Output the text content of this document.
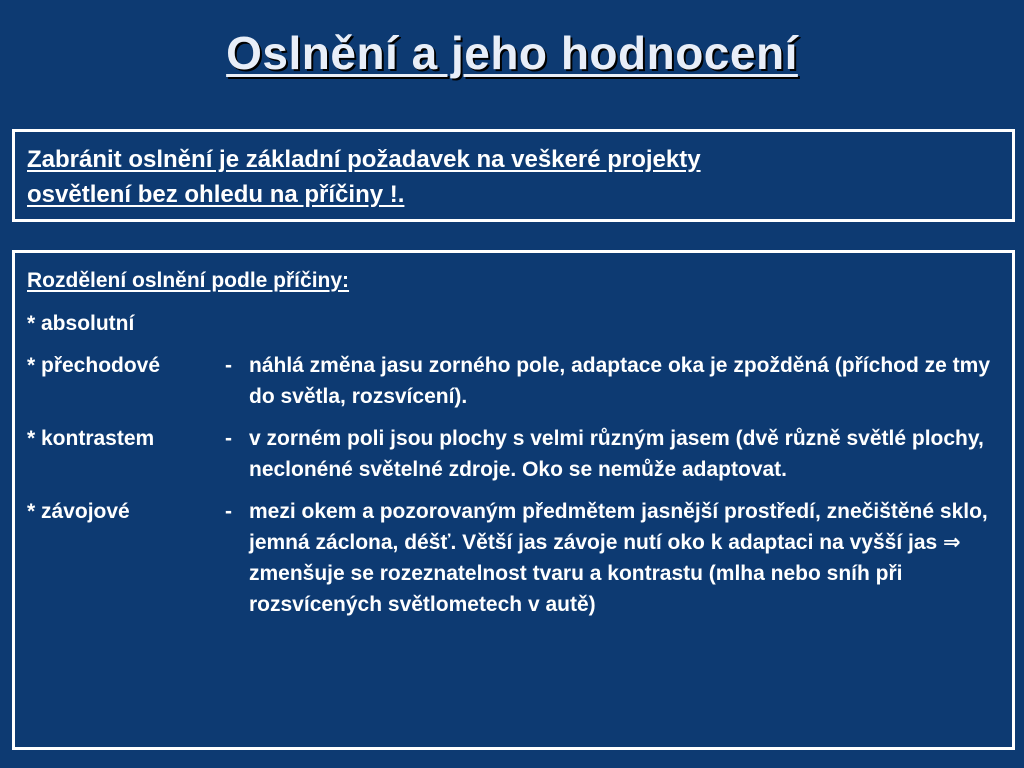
Oslnění a jeho hodnocení
Zabránit oslnění je základní požadavek na veškeré projekty
osvětlení bez ohledu na příčiny !.
Rozdělení oslnění podle příčiny:
* absolutní
* přechodové	- náhlá změna jasu zorného pole, adaptace oka je zpožděná (příchod ze tmy do světla, rozsvícení).
* kontrastem	- v zorném poli jsou plochy s velmi různým jasem (dvě různě světlé plochy, neclonéné světelné zdroje. Oko se nemůže adaptovat.
* závojové	- mezi okem a pozorovaným předmětem jasnější prostředí, znečištěné sklo, jemná záclona, déšť. Větší jas závoje nutí oko k adaptaci na vyšší jas ⇒ zmenšuje se rozeznatelnost tvaru a kontrastu (mlha nebo sníh při rozsvícených světlometech v autě)
